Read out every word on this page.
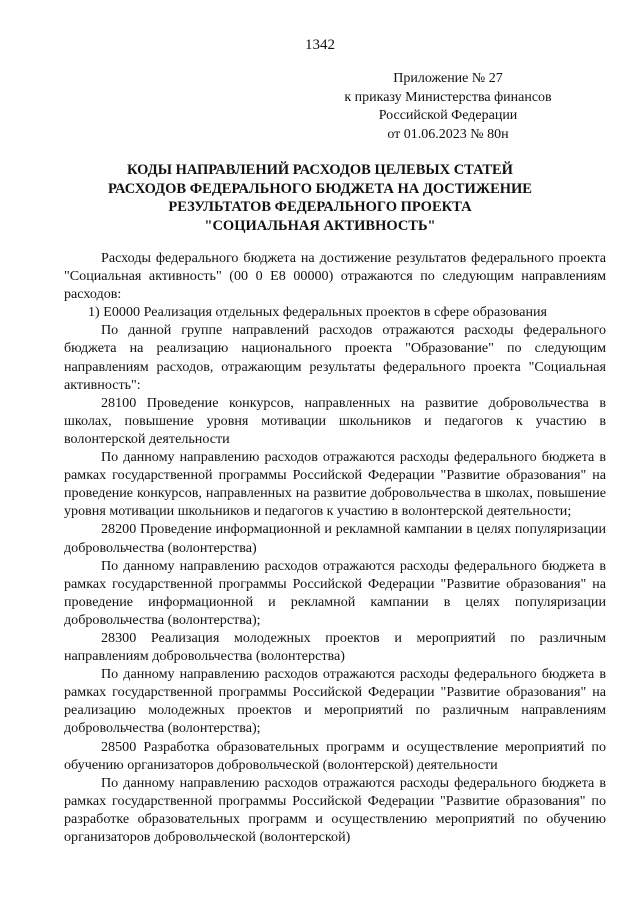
1342
Приложение № 27
к приказу Министерства финансов
Российской Федерации
от 01.06.2023 № 80н
КОДЫ НАПРАВЛЕНИЙ РАСХОДОВ ЦЕЛЕВЫХ СТАТЕЙ
РАСХОДОВ ФЕДЕРАЛЬНОГО БЮДЖЕТА НА ДОСТИЖЕНИЕ
РЕЗУЛЬТАТОВ ФЕДЕРАЛЬНОГО ПРОЕКТА
"СОЦИАЛЬНАЯ АКТИВНОСТЬ"

Расходы федерального бюджета на достижение результатов федерального проекта "Социальная активность" (00 0 Е8 00000) отражаются по следующим направлениям расходов:

1) Е0000 Реализация отдельных федеральных проектов в сфере образования

По данной группе направлений расходов отражаются расходы федерального бюджета на реализацию национального проекта "Образование" по следующим направлениям расходов, отражающим результаты федерального проекта "Социальная активность":

28100 Проведение конкурсов, направленных на развитие добровольчества в школах, повышение уровня мотивации школьников и педагогов к участию в волонтерской деятельности

По данному направлению расходов отражаются расходы федерального бюджета в рамках государственной программы Российской Федерации "Развитие образования" на проведение конкурсов, направленных на развитие добровольчества в школах, повышение уровня мотивации школьников и педагогов к участию в волонтерской деятельности;

28200 Проведение информационной и рекламной кампании в целях популяризации добровольчества (волонтерства)

По данному направлению расходов отражаются расходы федерального бюджета в рамках государственной программы Российской Федерации "Развитие образования" на проведение информационной и рекламной кампании в целях популяризации добровольчества (волонтерства);

28300 Реализация молодежных проектов и мероприятий по различным направлениям добровольчества (волонтерства)

По данному направлению расходов отражаются расходы федерального бюджета в рамках государственной программы Российской Федерации "Развитие образования" на реализацию молодежных проектов и мероприятий по различным направлениям добровольчества (волонтерства);

28500 Разработка образовательных программ и осуществление мероприятий по обучению организаторов добровольческой (волонтерской) деятельности

По данному направлению расходов отражаются расходы федерального бюджета в рамках государственной программы Российской Федерации "Развитие образования" по разработке образовательных программ и осуществлению мероприятий по обучению организаторов добровольческой (волонтерской)
